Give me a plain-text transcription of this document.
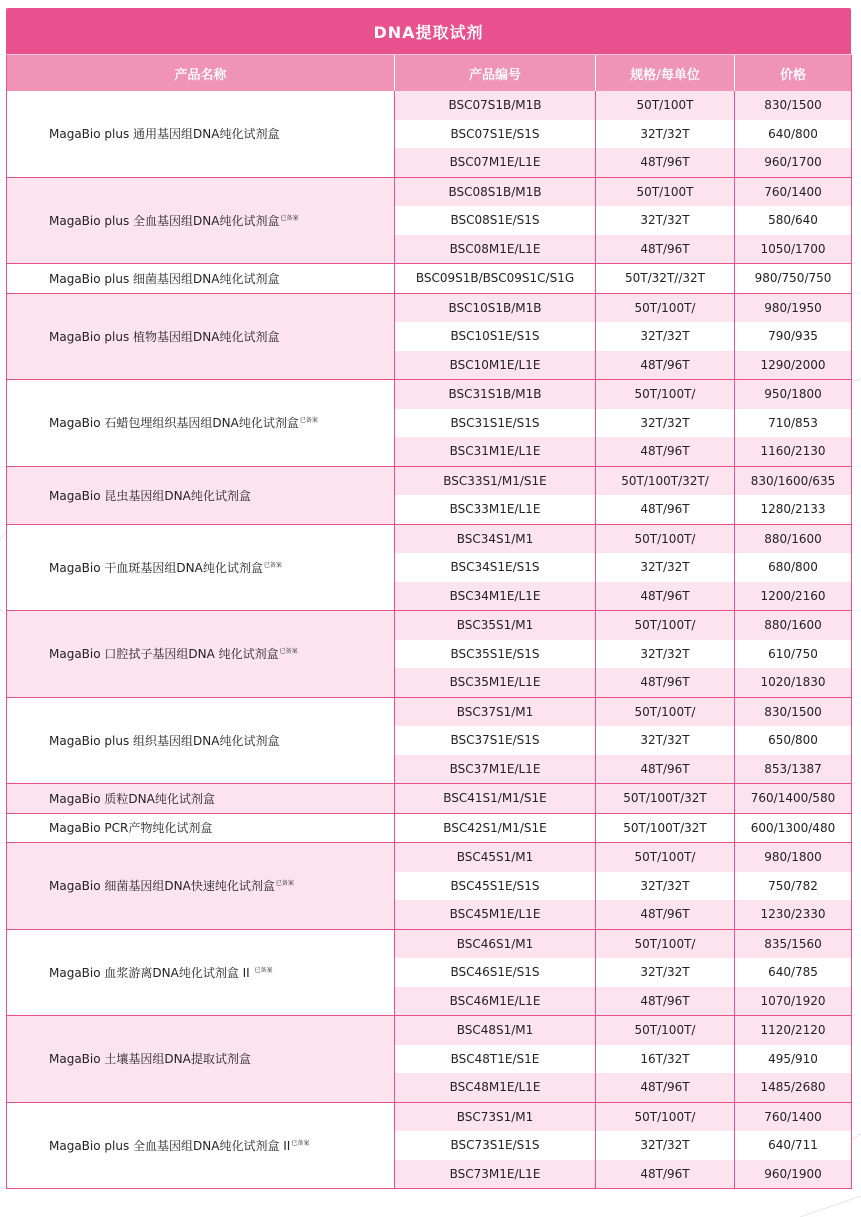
DNA提取试剂
产品名称	产品编号	规格/每单位	价格
MagaBio plus 通用基因组DNA纯化试剂盒	BSC07S1B/M1B	50T/100T	830/1500
	BSC07S1E/S1S	32T/32T	640/800
	BSC07M1E/L1E	48T/96T	960/1700
MagaBio plus 全血基因组DNA纯化试剂盒$^{已备案}$	BSC08S1B/M1B	50T/100T	760/1400
	BSC08S1E/S1S	32T/32T	580/640
	BSC08M1E/L1E	48T/96T	1050/1700
MagaBio plus 细菌基因组DNA纯化试剂盒	BSC09S1B/BSC09S1C/S1G	50T/32T//32T	980/750/750
MagaBio plus 植物基因组DNA纯化试剂盒	BSC10S1B/M1B	50T/100T/	980/1950
	BSC10S1E/S1S	32T/32T	790/935
	BSC10M1E/L1E	48T/96T	1290/2000
MagaBio 石蜡包埋组织基因组DNA纯化试剂盒$^{已备案}$	BSC31S1B/M1B	50T/100T/	950/1800
	BSC31S1E/S1S	32T/32T	710/853
	BSC31M1E/L1E	48T/96T	1160/2130
MagaBio 昆虫基因组DNA纯化试剂盒	BSC33S1/M1/S1E	50T/100T/32T/	830/1600/635
	BSC33M1E/L1E	48T/96T	1280/2133
MagaBio 干血斑基因组DNA纯化试剂盒$^{已备案}$	BSC34S1/M1	50T/100T/	880/1600
	BSC34S1E/S1S	32T/32T	680/800
	BSC34M1E/L1E	48T/96T	1200/2160
MagaBio 口腔拭子基因组DNA 纯化试剂盒$^{已备案}$	BSC35S1/M1	50T/100T/	880/1600
	BSC35S1E/S1S	32T/32T	610/750
	BSC35M1E/L1E	48T/96T	1020/1830
MagaBio plus 组织基因组DNA纯化试剂盒	BSC37S1/M1	50T/100T/	830/1500
	BSC37S1E/S1S	32T/32T	650/800
	BSC37M1E/L1E	48T/96T	853/1387
MagaBio 质粒DNA纯化试剂盒	BSC41S1/M1/S1E	50T/100T/32T	760/1400/580
MagaBio PCR产物纯化试剂盒	BSC42S1/M1/S1E	50T/100T/32T	600/1300/480
MagaBio 细菌基因组DNA快速纯化试剂盒$^{已备案}$	BSC45S1/M1	50T/100T/	980/1800
	BSC45S1E/S1S	32T/32T	750/782
	BSC45M1E/L1E	48T/96T	1230/2330
MagaBio 血浆游离DNA纯化试剂盒 II $^{已备案}$	BSC46S1/M1	50T/100T/	835/1560
	BSC46S1E/S1S	32T/32T	640/785
	BSC46M1E/L1E	48T/96T	1070/1920
MagaBio 土壤基因组DNA提取试剂盒	BSC48S1/M1	50T/100T/	1120/2120
	BSC48T1E/S1E	16T/32T	495/910
	BSC48M1E/L1E	48T/96T	1485/2680
MagaBio plus 全血基因组DNA纯化试剂盒 $II^{已备案}$	BSC73S1/M1	50T/100T/	760/1400
	BSC73S1E/S1S	32T/32T	640/711
	BSC73M1E/L1E	48T/96T	960/1900
